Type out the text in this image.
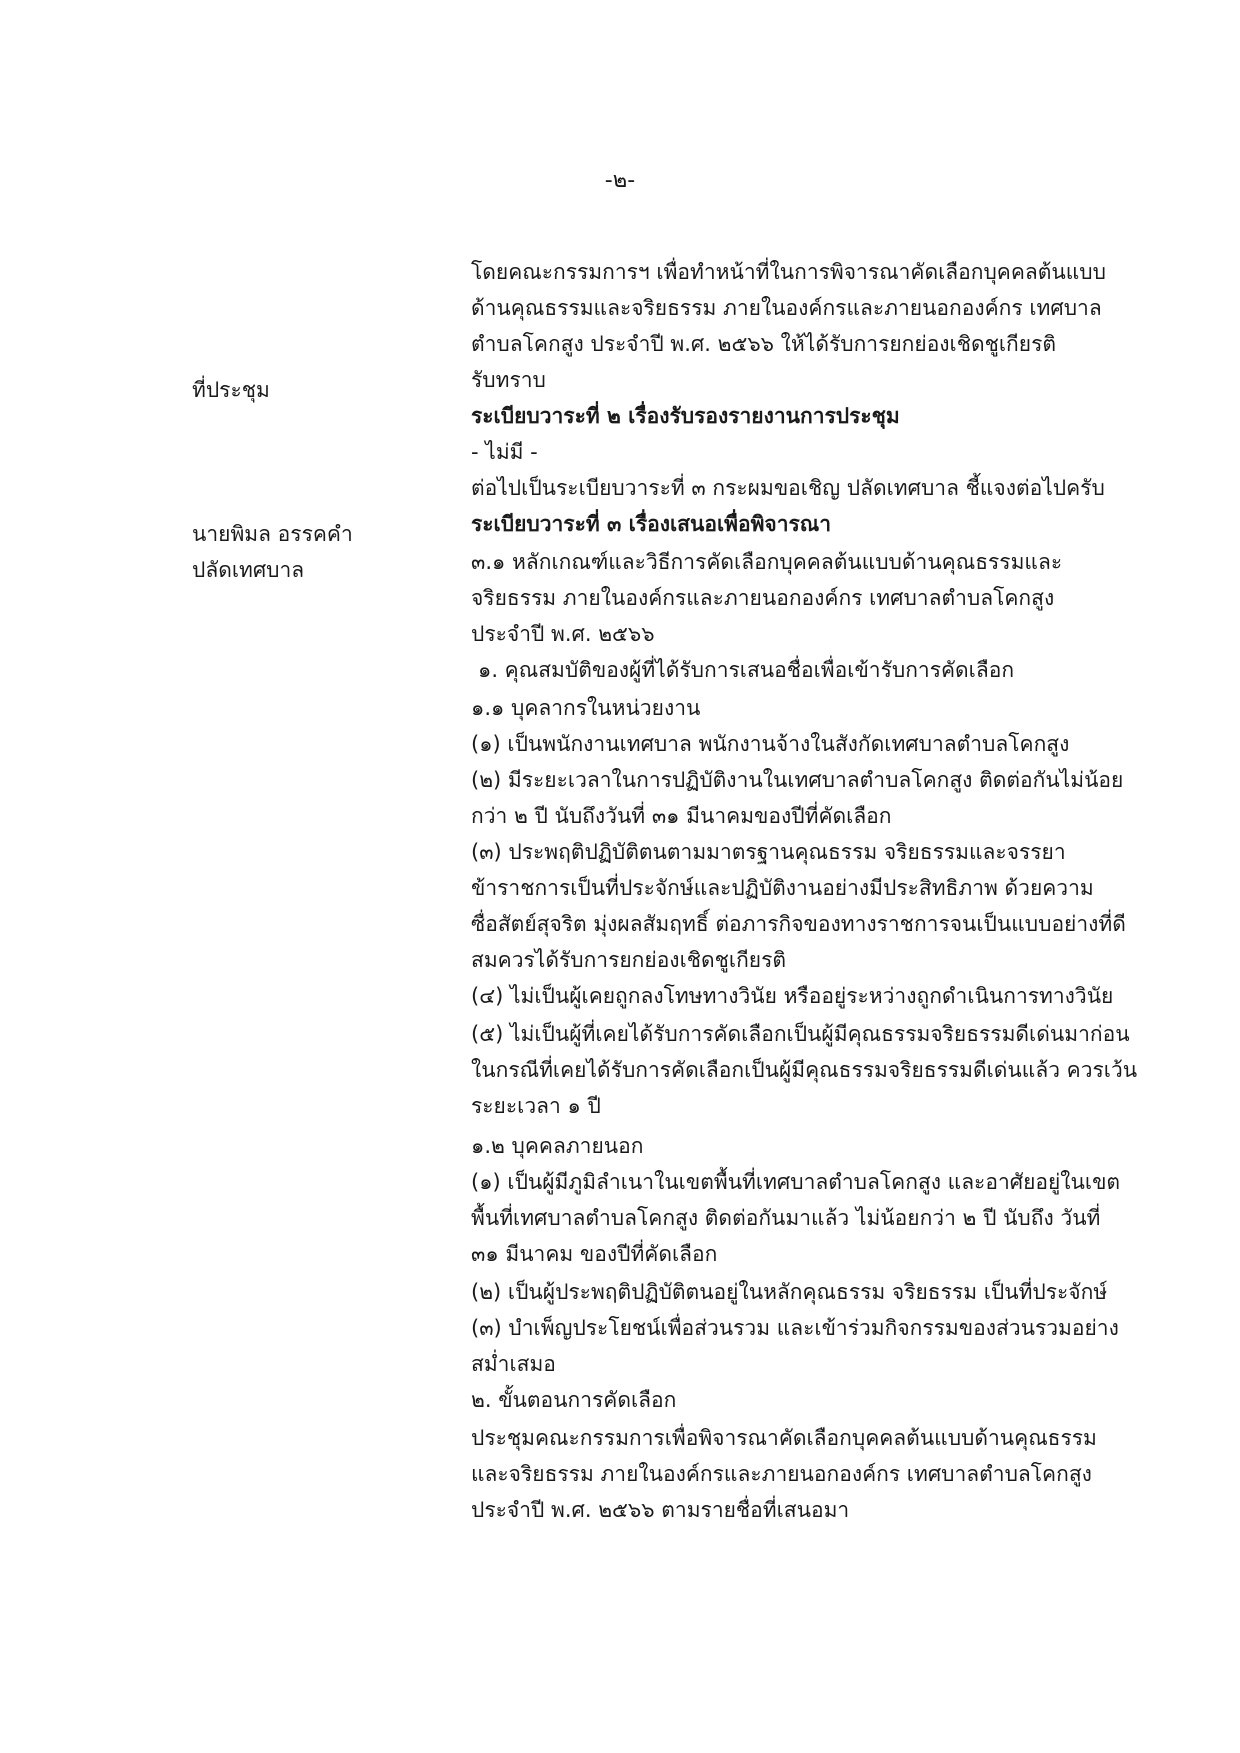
-๒-
ที่ประชุม
นายพิมล อรรคคำ
ปลัดเทศบาล
โดยคณะกรรมการฯ เพื่อทำหน้าที่ในการพิจารณาคัดเลือกบุคคลต้นแบบ
ด้านคุณธรรมและจริยธรรม ภายในองค์กรและภายนอกองค์กร เทศบาล
ตำบลโคกสูง ประจำปี พ.ศ. ๒๕๖๖ ให้ได้รับการยกย่องเชิดชูเกียรติ
รับทราบ
ระเบียบวาระที่ ๒ เรื่องรับรองรายงานการประชุม
- ไม่มี -
ต่อไปเป็นระเบียบวาระที่ ๓ กระผมขอเชิญ ปลัดเทศบาล ชี้แจงต่อไปครับ
ระเบียบวาระที่ ๓ เรื่องเสนอเพื่อพิจารณา
๓.๑ หลักเกณฑ์และวิธีการคัดเลือกบุคคลต้นแบบด้านคุณธรรมและ
จริยธรรม ภายในองค์กรและภายนอกองค์กร เทศบาลตำบลโคกสูง
ประจำปี พ.ศ. ๒๕๖๖
๑. คุณสมบัติของผู้ที่ได้รับการเสนอชื่อเพื่อเข้ารับการคัดเลือก
๑.๑ บุคลากรในหน่วยงาน
(๑) เป็นพนักงานเทศบาล พนักงานจ้างในสังกัดเทศบาลตำบลโคกสูง
(๒) มีระยะเวลาในการปฏิบัติงานในเทศบาลตำบลโคกสูง ติดต่อกันไม่น้อย
กว่า ๒ ปี นับถึงวันที่ ๓๑ มีนาคมของปีที่คัดเลือก
(๓) ประพฤติปฏิบัติตนตามมาตรฐานคุณธรรม จริยธรรมและจรรยา
ข้าราชการเป็นที่ประจักษ์และปฏิบัติงานอย่างมีประสิทธิภาพ ด้วยความ
ซื่อสัตย์สุจริต มุ่งผลสัมฤทธิ์ ต่อภารกิจของทางราชการจนเป็นแบบอย่างที่ดี
สมควรได้รับการยกย่องเชิดชูเกียรติ
(๔) ไม่เป็นผู้เคยถูกลงโทษทางวินัย หรืออยู่ระหว่างถูกดำเนินการทางวินัย
(๕) ไม่เป็นผู้ที่เคยได้รับการคัดเลือกเป็นผู้มีคุณธรรมจริยธรรมดีเด่นมาก่อน
ในกรณีที่เคยได้รับการคัดเลือกเป็นผู้มีคุณธรรมจริยธรรมดีเด่นแล้ว ควรเว้น
ระยะเวลา ๑ ปี
๑.๒ บุคคลภายนอก
(๑) เป็นผู้มีภูมิลำเนาในเขตพื้นที่เทศบาลตำบลโคกสูง และอาศัยอยู่ในเขต
พื้นที่เทศบาลตำบลโคกสูง ติดต่อกันมาแล้ว ไม่น้อยกว่า ๒ ปี นับถึง วันที่
๓๑ มีนาคม ของปีที่คัดเลือก
(๒) เป็นผู้ประพฤติปฏิบัติตนอยู่ในหลักคุณธรรม จริยธรรม เป็นที่ประจักษ์
(๓) บำเพ็ญประโยชน์เพื่อส่วนรวม และเข้าร่วมกิจกรรมของส่วนรวมอย่าง
สม่ำเสมอ
๒. ขั้นตอนการคัดเลือก
ประชุมคณะกรรมการเพื่อพิจารณาคัดเลือกบุคคลต้นแบบด้านคุณธรรม
และจริยธรรม ภายในองค์กรและภายนอกองค์กร เทศบาลตำบลโคกสูง
ประจำปี พ.ศ. ๒๕๖๖ ตามรายชื่อที่เสนอมา
